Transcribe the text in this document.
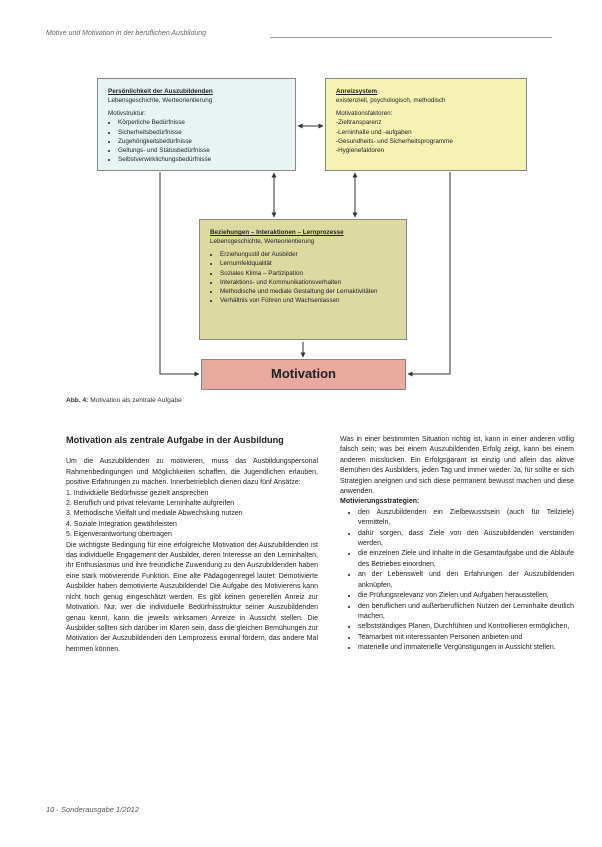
Motive und Motivation in der beruflichen Ausbildung
Persönlichkeit der Auszubildenden
Lebensgeschichte, Werteorientierung
Motivstruktur:
• Körperliche Bedürfnisse
• Sicherheitsbedürfnisse
• Zugehörigkeitsbedürfnisse
• Geltungs- und Statusbedürfnisse
• Selbstverwirklichungsbedürfnisse
Anreizsystem
existenziell, psychologisch, methodisch
Motivationsfaktoren:
-Zieltransparenz
-Lerninhalte und -aufgaben
-Gesundheits- und Sicherheitsprogramme
-Hygienefaktoren
Beziehungen – Interaktionen – Lernprozesse
Lebensgeschichte, Werteorientierung
• Erziehungsstil der Ausbilder
• Lernumfeldqualität
• Soziales Klima – Partizipation
• Interaktions- und Kommunikationsverhalten
• Methodische und mediale Gestaltung der Lernaktivitäten
• Verhältnis von Führen und Wachsenlassen
Motivation
Abb. 4: Motivation als zentrale Aufgabe
Motivation als zentrale Aufgabe in der Ausbildung

Um die Auszubildenden zu motivieren, muss das Ausbildungspersonal Rahmenbedingungen und Möglichkeiten schaffen, die Jugendlichen erlauben, positive Erfahrungen zu machen. Innerbetrieblich dienen dazu fünf Ansätze:

1. Individuelle Bedürfnisse gezielt ansprechen
2. Beruflich und privat relevante Lerninhalte aufgreifen
3. Methodische Vielfalt und mediale Abwechslung nutzen
4. Soziale Integration gewährleisten
5. Eigenverantwortung übertragen

Die wichtigste Bedingung für eine erfolgreiche Motivation der Auszubildenden ist das individuelle Engagement der Ausbilder, deren Interesse an den Lerninhalten, ihr Enthusiasmus und ihre freundliche Zuwendung zu den Auszubildenden haben eine stark motivierende Funktion. Eine alte Pädagogenregel lautet: Demotivierte Ausbilder haben demotivierte Auszubildende! Die Aufgabe des Motivierens kann nicht hoch genug eingeschätzt werden. Es gibt keinen generellen Anreiz zur Motivation. Nur, wer die individuelle Bedürfnisstruktur seiner Auszubildenden genau kennt, kann die jeweils wirksamen Anreize in Aussicht stellen. Die Ausbilder sollten sich darüber im Klaren sein, dass die gleichen Bemühungen zur Motivation der Auszubildenden den Lernprozess einmal fördern, das andere Mal hemmen können.

Was in einer bestimmten Situation richtig ist, kann in einer anderen völlig falsch sein; was bei einem Auszubildenden Erfolg zeigt, kann bei einem anderen misslücken. Ein Erfolgsgarant ist einzig und allein das aktive Bemühen des Ausbilders, jeden Tag und immer wieder. Ja, für sollte er sich Strategien aneignen und sich diese permanent bewusst machen und diese anwenden.

Motivierungsstrategien:
• den Auszubildenden ein Zielbewusstsein (auch für Teilziele) vermitteln,
• dafür sorgen, dass Ziele von den Auszubildenden verstanden werden,
• die einzelnen Ziele und Inhalte in die Gesamtaufgabe und die Abläufe des Betriebes einordnen,
• an der Lebenswelt und den Erfahrungen der Auszubildenden anknüpfen,
• die Prüfungsrelevanz von Zielen und Aufgaben herausstellen,
• den beruflichen und außerberuflichen Nutzen der Lerninhalte deutlich machen,
• selbstständiges Planen, Durchführen und Kontrollieren ermöglichen,
• Teamarbeit mit interessanten Personen anbieten und
• materielle und immaterielle Vergünstigungen in Aussicht stellen.
10 · Sonderausgabe 1/2012
